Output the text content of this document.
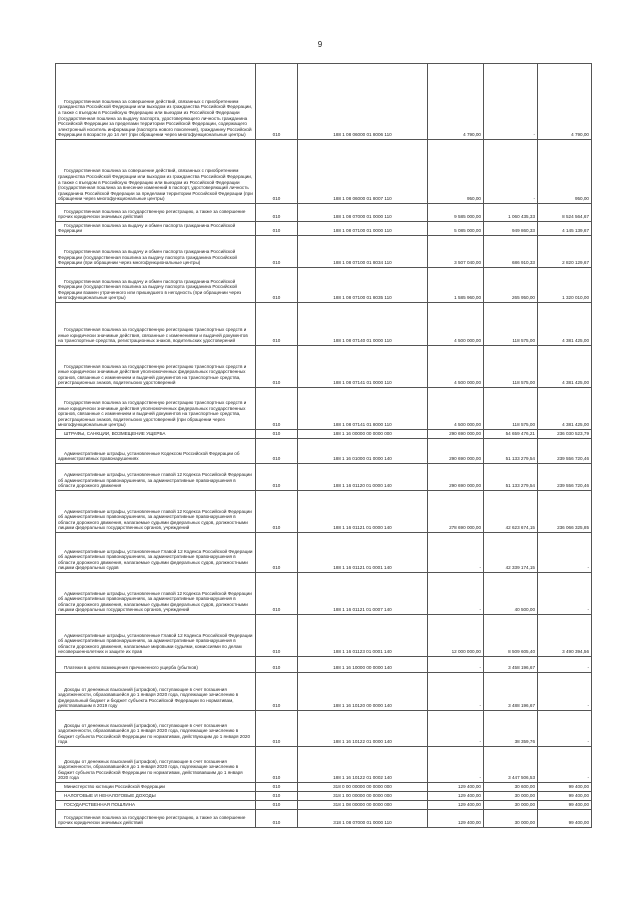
9
Государственная пошлина за совершение действий, связанных с приобретением гражданства Российской Федерации или выходом из гражданства Российской Федерации, а также с въездом в Российскую Федерацию или выездом из Российской Федерации (государственная пошлина за выдачу паспорта, удостоверяющего личность гражданина Российской Федерации за пределами территории Российской Федерации, содержащего электронный носитель информации (паспорта нового поколения), гражданину Российской Федерации в возрасте до 14 лет (при обращении через многофункциональные центры)	010	188 1 08 06000 01 8006 110	4 790,00	-	4 790,00
Государственная пошлина за совершение действий, связанных с приобретением гражданства Российской Федерации или выходом из гражданства Российской Федерации, а также с въездом в Российскую Федерацию или выездом из Российской Федерации (государственная пошлина за внесение изменений в паспорт, удостоверяющий личность гражданина Российской Федерации за пределами территории Российской Федерации (при обращении через многофункциональные центры)	010	188 1 08 06000 01 8007 110	950,00	-	950,00
Государственная пошлина за государственную регистрацию, а также за совершение прочих юридически значимых действий	010	188 1 08 07000 01 0000 110	9 585 000,00	1 060 435,33	8 524 564,67
Государственная пошлина за выдачу и обмен паспорта гражданина Российской Федерации	010	188 1 08 07100 01 0000 110	5 085 000,00	949 860,33	4 145 139,67
Государственная пошлина за выдачу и обмен паспорта гражданина Российской Федерации (государственная пошлина за выдачу паспорта гражданина Российской Федерации (при обращении через многофункциональные центры)	010	188 1 08 07100 01 8034 110	3 507 040,00	686 910,33	2 820 129,67
Государственная пошлина за выдачу и обмен паспорта гражданина Российской Федерации (государственная пошлина за выдачу паспорта гражданина Российской Федерации взамен утраченного или пришедшего в негодность (при обращении через многофункциональные центры)	010	188 1 08 07100 01 8035 110	1 585 960,00	265 950,00	1 320 010,00
Государственная пошлина за государственную регистрацию транспортных средств и иные юридически значимые действия, связанные с изменениями и выдачей документов на транспортные средства, регистрационных знаков, водительских удостоверений	010	188 1 08 07140 01 0000 110	4 500 000,00	118 575,00	4 381 425,00
Государственная пошлина за государственную регистрацию транспортных средств и иные юридически значимые действия уполномоченных федеральных государственных органов, связанные с изменением и выдачей документов на транспортные средства, регистрационных знаков, водительских удостоверений	010	188 1 08 07141 01 0000 110	4 500 000,00	118 575,00	4 381 425,00
Государственная пошлина за государственную регистрацию транспортных средств и иные юридически значимые действия уполномоченных федеральных государственных органов, связанные с изменением и выдачей документов на транспортные средства, регистрационных знаков, водительских удостоверений (при обращении через многофункциональные центры)	010	188 1 08 07141 01 8000 110	4 500 000,00	118 575,00	4 381 425,00
ШТРАФЫ, САНКЦИИ, ВОЗМЕЩЕНИЕ УЩЕРБА	010	188 1 16 00000 00 0000 000	290 690 000,00	54 659 476,21	236 030 523,79
Административные штрафы, установленные Кодексом Российской Федерации об административных правонарушениях	010	188 1 16 01000 01 0000 140	290 690 000,00	51 133 279,54	239 556 720,46
Административные штрафы, установленные главой 12 Кодекса Российской Федерации об административных правонарушениях, за административные правонарушения в области дорожного движения	010	188 1 16 01120 01 0000 140	290 690 000,00	51 133 279,54	239 556 720,46
Административные штрафы, установленные главой 12 Кодекса Российской Федерации об административных правонарушениях, за административные правонарушения в области дорожного движения, налагаемые судьями федеральных судов, должностными лицами федеральных государственных органов, учреждений	010	188 1 16 01121 01 0000 140	278 690 000,00	42 623 674,15	236 066 325,85
Административные штрафы, установленные Главой 12 Кодекса Российской Федерации об административных правонарушениях, за административные правонарушения в области дорожного движения, налагаемые судьями федеральных судов, должностными лицами федеральных судов	010	188 1 16 01121 01 0001 140	-	42 339 174,15	-
Административные штрафы, установленные главой 12 Кодекса Российской Федерации об административных правонарушениях, за административные правонарушения в области дорожного движения, налагаемые судьями федеральных судов, должностными лицами федеральных государственных органов, учреждений	010	188 1 16 01121 01 0007 140	-	40 500,00	-
Административные штрафы, установленные Главой 12 Кодекса Российской Федерации об административных правонарушениях, за административные правонарушения в области дорожного движения, налагаемые мировыми судьями, комиссиями по делам несовершеннолетних и защите их прав	010	188 1 16 01123 01 0001 140	12 000 000,00	8 509 605,40	3 490 394,56
Платежи в целях возмещения причиненного ущерба (убытков)	010	188 1 16 10000 00 0000 140	-	3 458 196,67	-
Доходы от денежных взысканий (штрафов), поступающие в счет погашения задолженности, образовавшейся до 1 января 2020 года, подлежащие зачислению в федеральный бюджет и бюджет субъекта Российской Федерации по нормативам, действовавшим в 2019 году	010	188 1 16 10120 00 0000 140	-	3 488 196,67	-
Доходы от денежных взысканий (штрафов), поступающие в счет погашения задолженности, образовавшейся до 1 января 2020 года, подлежащие зачислению в бюджет субъекта Российской Федерации по нормативам, действующим до 1 января 2020 года	010	188 1 16 10122 01 0000 140	-	38 359,76	-
Доходы от денежных взысканий (штрафов), поступающие в счет погашения задолженности, образовавшейся до 1 января 2020 года, подлежащие зачислению в бюджет субъекта Российской Федерации по нормативам, действовавшим до 1 января 2020 года	010	188 1 16 10122 01 0002 140	-	3 447 506,53	-
Министерство юстиции Российской Федерации	010	318 0 00 00000 00 0000 000	129 400,00	30 600,00	99 400,00
НАЛОГОВЫЕ И НЕНАЛОГОВЫЕ ДОХОДЫ	010	318 1 00 00000 00 0000 000	129 400,00	30 000,00	99 400,00
ГОСУДАРСТВЕННАЯ ПОШЛИНА	010	318 1 08 00000 00 0000 000	129 400,00	30 000,00	99 400,00
Государственная пошлина за государственную регистрацию, а также за совершение прочих юридически значимых действий	010	318 1 08 07000 01 0000 110	129 400,00	30 000,00	99 400,00
